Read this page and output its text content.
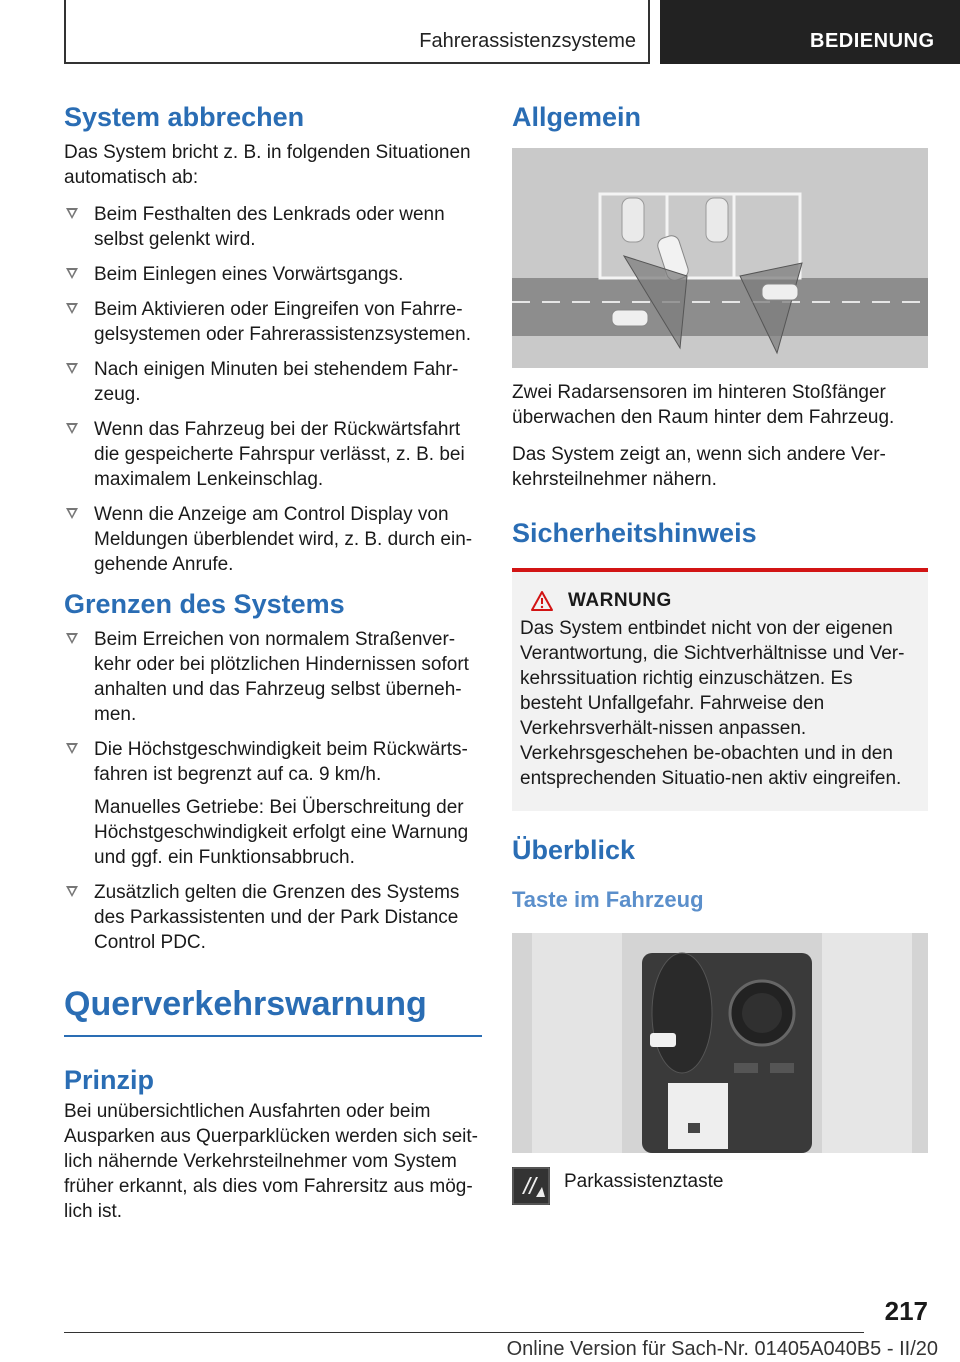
Fahrerassistenzsysteme	BEDIENUNG
System abbrechen

Das System bricht z. B. in folgenden Situationen automatisch ab:

Beim Festhalten des Lenkrads oder wenn selbst gelenkt wird.
Beim Einlegen eines Vorwärtsgangs.
Beim Aktivieren oder Eingreifen von Fahrre‐gelsystemen oder Fahrerassistenzsystemen.
Nach einigen Minuten bei stehendem Fahr‐zeug.
Wenn das Fahrzeug bei der Rückwärtsfahrt die gespeicherte Fahrspur verlässt, z. B. bei maximalem Lenkeinschlag.
Wenn die Anzeige am Control Display von Meldungen überblendet wird, z. B. durch ein‐gehende Anrufe.
Grenzen des Systems
Beim Erreichen von normalem Straßenver‐kehr oder bei plötzlichen Hindernissen sofort anhalten und das Fahrzeug selbst überneh‐men.
Die Höchstgeschwindigkeit beim Rückwärts‐fahren ist begrenzt auf ca. 9 km/h.
Manuelles Getriebe: Bei Überschreitung der Höchstgeschwindigkeit erfolgt eine Warnung und ggf. ein Funktionsabbruch.
Zusätzlich gelten die Grenzen des Systems des Parkassistenten und der Park Distance Control PDC.
Querverkehrswarnung
Prinzip

Bei unübersichtlichen Ausfahrten oder beim Ausparken aus Querparklücken werden sich seit‐lich nähernde Verkehrsteilnehmer vom System früher erkannt, als dies vom Fahrersitz aus mög‐lich ist.

Allgemein

Zwei Radarsensoren im hinteren Stoßfänger überwachen den Raum hinter dem Fahrzeug.

Das System zeigt an, wenn sich andere Ver‐kehrsteilnehmer nähern.

Sicherheitshinweis
WARNUNG

Das System entbindet nicht von der eigenen Verantwortung, die Sichtverhältnisse und Ver‐kehrssituation richtig einzuschätzen. Es besteht Unfallgefahr. Fahrweise den Verkehrsverhält‐nissen anpassen. Verkehrsgeschehen be‐obachten und in den entsprechenden Situatio‐nen aktiv eingreifen.

Überblick
Taste im Fahrzeug
Parkassistenztaste
217
Online Version für Sach-Nr. 01405A040B5 - II/20
